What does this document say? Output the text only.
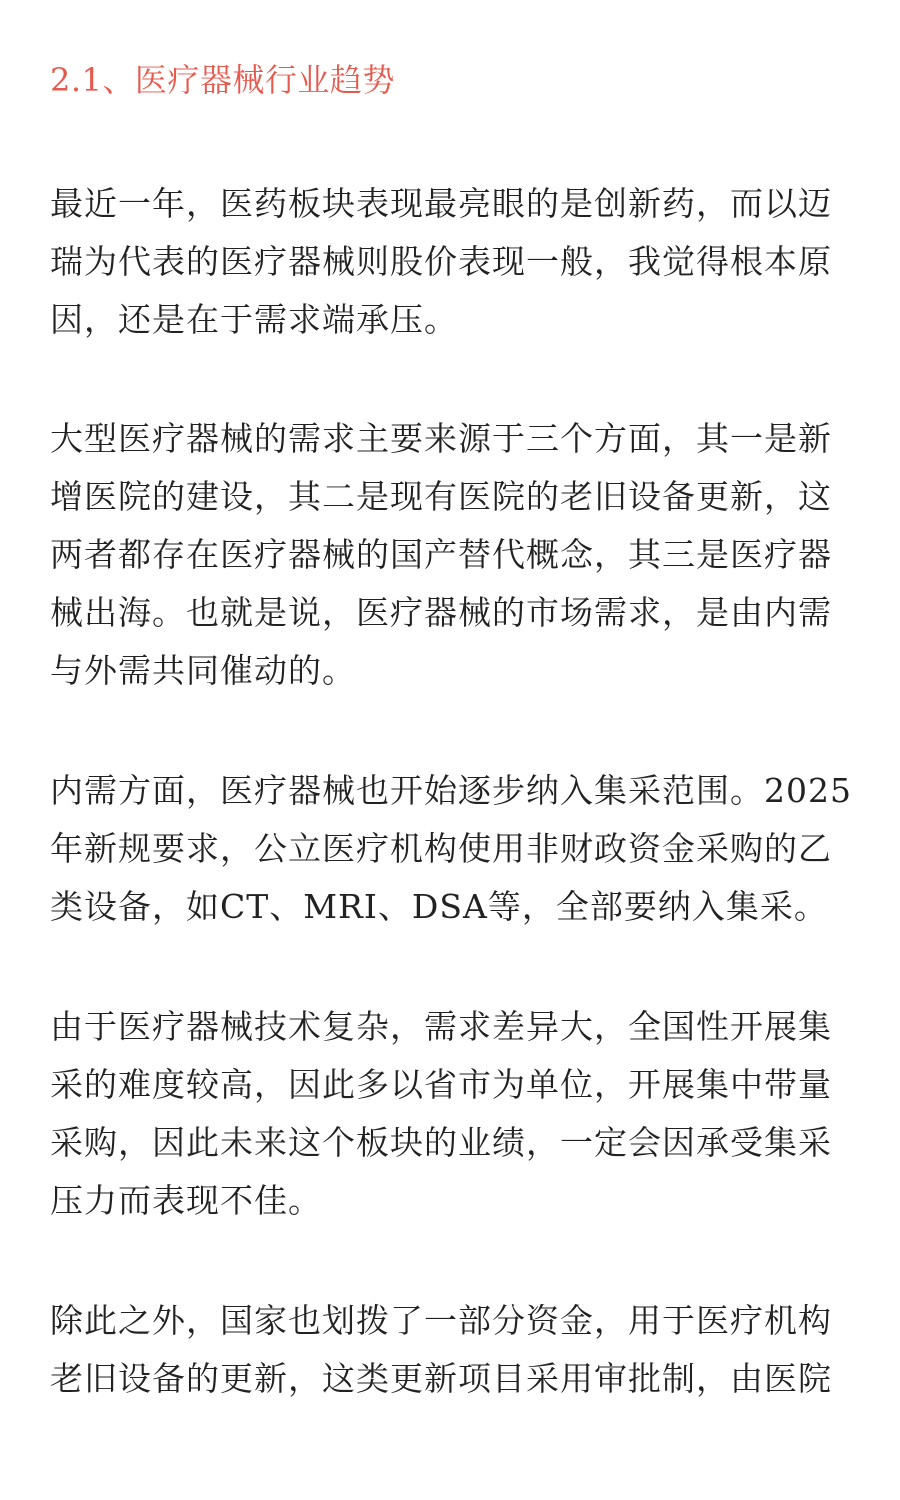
2.1、医疗器械行业趋势
最近一年，医药板块表现最亮眼的是创新药，而以迈
瑞为代表的医疗器械则股价表现一般，我觉得根本原
因，还是在于需求端承压。
大型医疗器械的需求主要来源于三个方面，其一是新
增医院的建设，其二是现有医院的老旧设备更新，这
两者都存在医疗器械的国产替代概念，其三是医疗器
械出海。也就是说，医疗器械的市场需求，是由内需
与外需共同催动的。
内需方面，医疗器械也开始逐步纳入集采范围。2025
年新规要求，公立医疗机构使用非财政资金采购的乙
类设备，如CT、MRI、DSA等，全部要纳入集采。
由于医疗器械技术复杂，需求差异大，全国性开展集
采的难度较高，因此多以省市为单位，开展集中带量
采购，因此未来这个板块的业绩，一定会因承受集采
压力而表现不佳。
除此之外，国家也划拨了一部分资金，用于医疗机构
老旧设备的更新，这类更新项目采用审批制，由医院
